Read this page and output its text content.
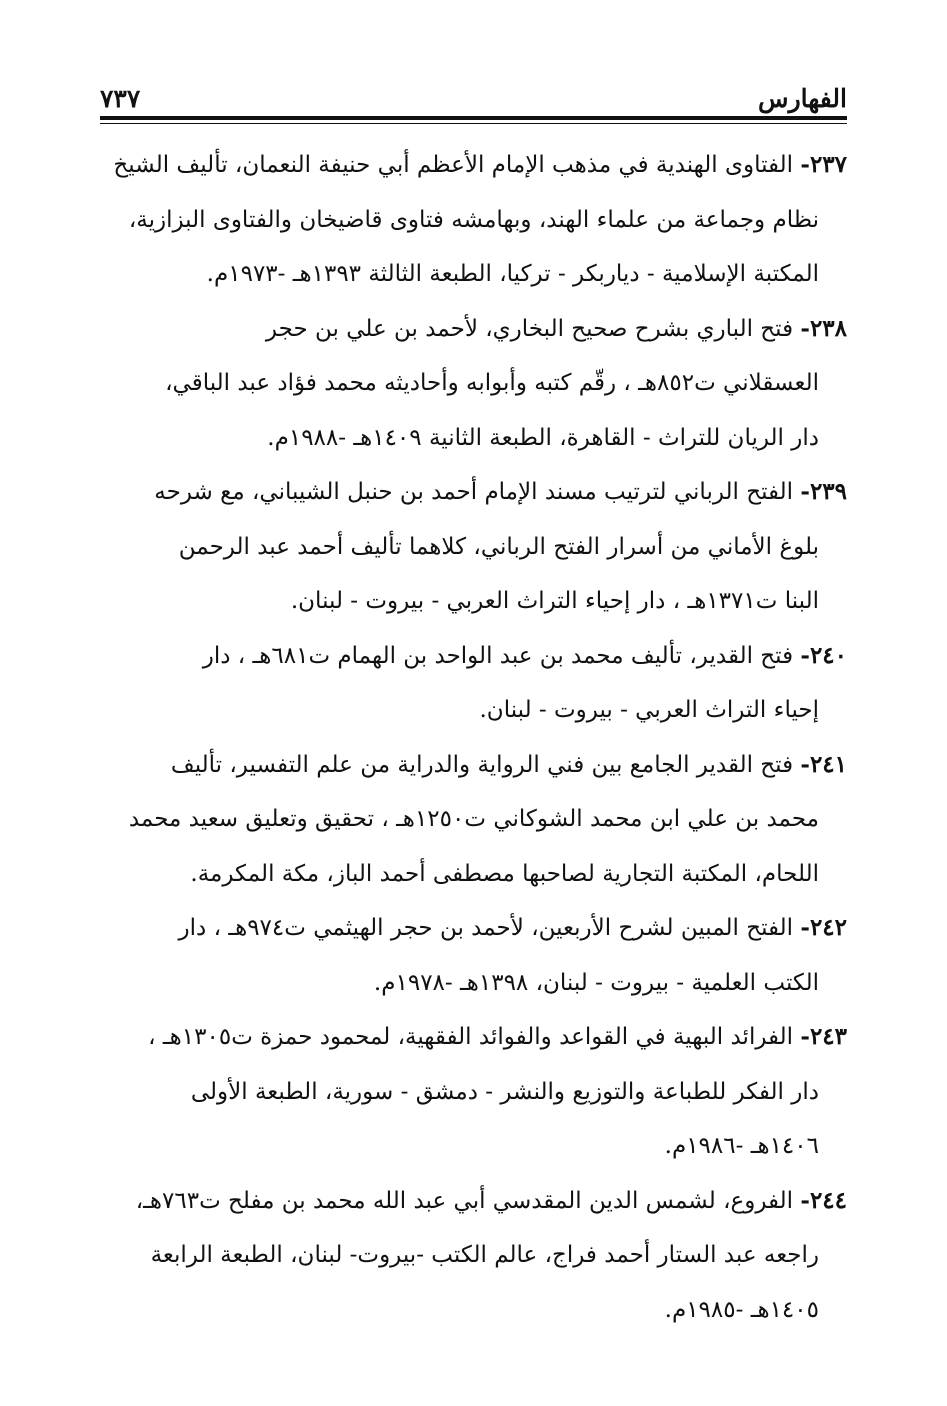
الفهارس
٧٣٧
٢٣٧- الفتاوى الهندية في مذهب الإمام الأعظم أبي حنيفة النعمان، تأليف الشيخ
نظام وجماعة من علماء الهند، وبهامشه فتاوى قاضيخان والفتاوى البزازية،
المكتبة الإسلامية - دياربكر - تركيا، الطبعة الثالثة ١٣٩٣هـ -١٩٧٣م.
٢٣٨- فتح الباري بشرح صحيح البخاري، لأحمد بن علي بن حجر
العسقلاني ت٨٥٢هـ ، رقّم كتبه وأبوابه وأحاديثه محمد فؤاد عبد الباقي،
دار الريان للتراث - القاهرة، الطبعة الثانية ١٤٠٩هـ -١٩٨٨م.
٢٣٩- الفتح الرباني لترتيب مسند الإمام أحمد بن حنبل الشيباني، مع شرحه
بلوغ الأماني من أسرار الفتح الرباني، كلاهما تأليف أحمد عبد الرحمن
البنا ت١٣٧١هـ ، دار إحياء التراث العربي - بيروت - لبنان.
٢٤٠- فتح القدير، تأليف محمد بن عبد الواحد بن الهمام ت٦٨١هـ ، دار
إحياء التراث العربي - بيروت - لبنان.
٢٤١- فتح القدير الجامع بين فني الرواية والدراية من علم التفسير، تأليف
محمد بن علي ابن محمد الشوكاني ت١٢٥٠هـ ، تحقيق وتعليق سعيد محمد
اللحام، المكتبة التجارية لصاحبها مصطفى أحمد الباز، مكة المكرمة.
٢٤٢- الفتح المبين لشرح الأربعين، لأحمد بن حجر الهيثمي ت٩٧٤هـ ، دار
الكتب العلمية - بيروت - لبنان، ١٣٩٨هـ -١٩٧٨م.
٢٤٣- الفرائد البهية في القواعد والفوائد الفقهية، لمحمود حمزة ت١٣٠٥هـ ،
دار الفكر للطباعة والتوزيع والنشر - دمشق - سورية، الطبعة الأولى
١٤٠٦هـ -١٩٨٦م.
٢٤٤- الفروع، لشمس الدين المقدسي أبي عبد الله محمد بن مفلح ت٧٦٣هـ،
راجعه عبد الستار أحمد فراج، عالم الكتب -بيروت- لبنان، الطبعة الرابعة
١٤٠٥هـ -١٩٨٥م.
